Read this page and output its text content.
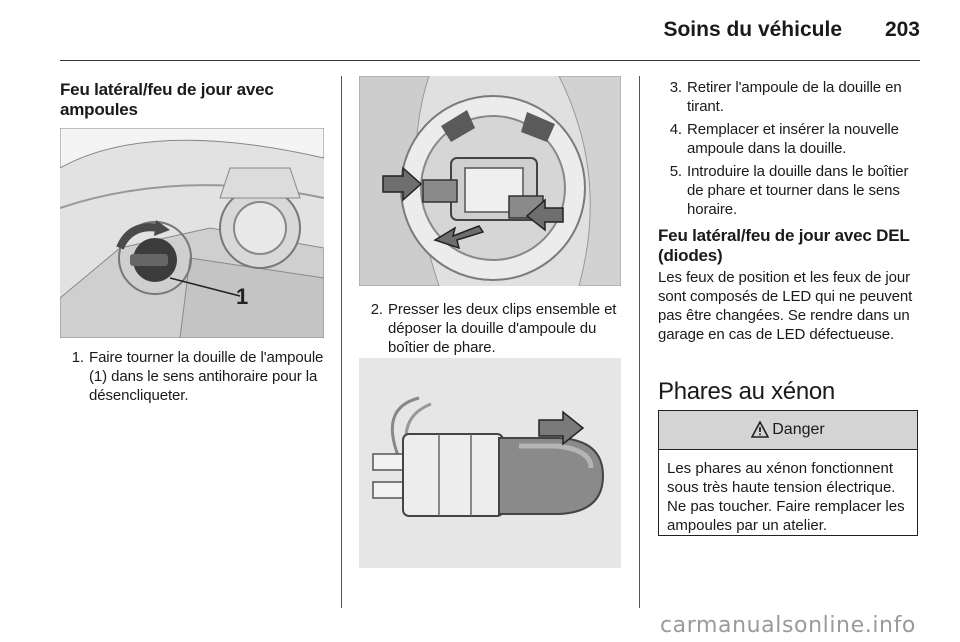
Soins du véhicule 203
Feu latéral/feu de jour avec ampoules
1
1. Faire tourner la douille de l'ampoule (1) dans le sens antihoraire pour la désencliqueter.
2. Presser les deux clips ensemble et déposer la douille d'ampoule du boîtier de phare.
3. Retirer l'ampoule de la douille en tirant.
4. Remplacer et insérer la nouvelle ampoule dans la douille.
5. Introduire la douille dans le boîtier de phare et tourner dans le sens horaire.
Feu latéral/feu de jour avec DEL (diodes)
Les feux de position et les feux de jour sont composés de LED qui ne peuvent pas être changées. Se rendre dans un garage en cas de LED défectueuse.
Phares au xénon
Danger
Les phares au xénon fonctionnent sous très haute tension électrique. Ne pas toucher. Faire remplacer les ampoules par un atelier.
carmanualsonline.info
